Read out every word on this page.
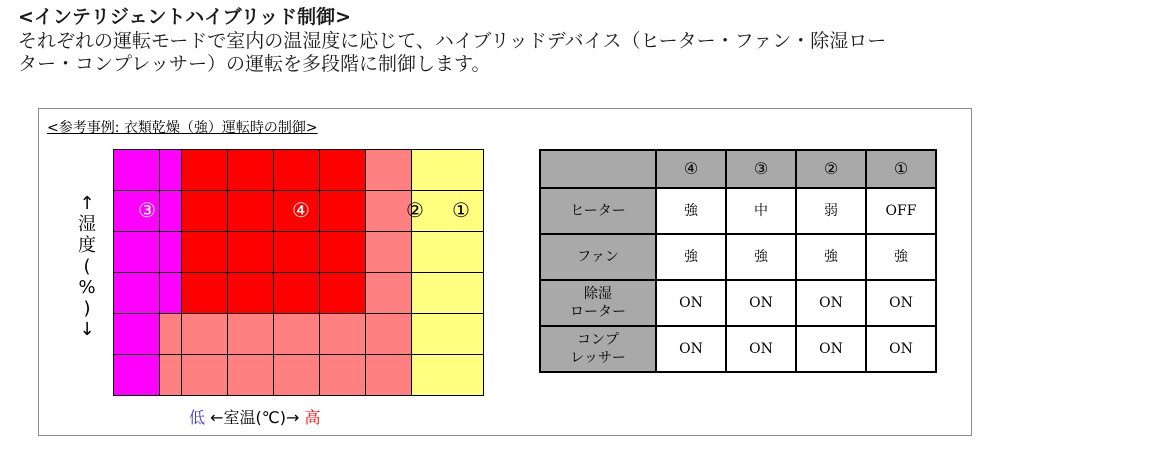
<インテリジェントハイブリッド制御>
それぞれの運転モードで室内の温湿度に応じて、ハイブリッドデバイス（ヒーター・ファン・除湿ロー
ター・コンプレッサー）の運転を多段階に制御します。
<参考事例: 衣類乾燥（強）運転時の制御>
↑
湿
度
(
%
)
↓
③	④	②	①
低 ←室温(℃)→ 高
	④	③	②	①
ヒーター	強	中	弱	OFF
ファン	強	強	強	強
除湿
ローター	ON	ON	ON	ON
コンプ
レッサー	ON	ON	ON	ON
